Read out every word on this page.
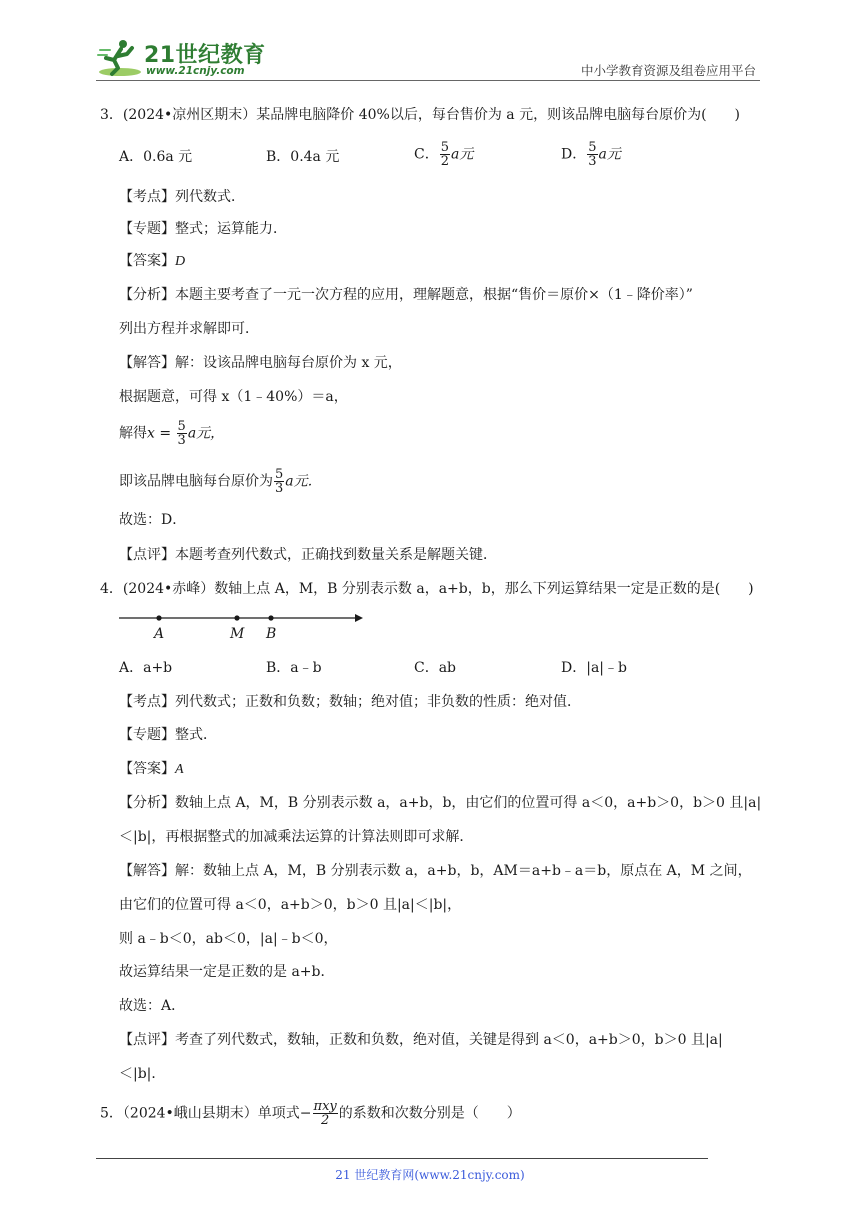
21世纪教育
www.21cnjy.com	中小学教育资源及组卷应用平台
3．(2024•凉州区期末）某品牌电脑降价 40%以后，每台售价为 a 元，则该品牌电脑每台原价为(　　)
A．0.6a 元	B．0.4a 元	C． $\frac{5}{2}$ a元	D． $\frac{5}{3}$ a元
【考点】列代数式．
【专题】整式；运算能力．
【答案】D
【分析】本题主要考查了一元一次方程的应用，理解题意，根据“售价＝原价×（1﹣降价率）”
列出方程并求解即可．
【解答】解：设该品牌电脑每台原价为 x 元，
根据题意，可得 x（1﹣40%）＝a，
解得$x = \frac{5}{3}$ a元，
即该品牌电脑每台原价为 $\frac{5}{3}$ a元．
故选：D．
【点评】本题考查列代数式，正确找到数量关系是解题关键．
4．(2024•赤峰）数轴上点 A，M，B 分别表示数 a，a+b，b，那么下列运算结果一定是正数的是(　　)
A	M B
A．a+b	B．a﹣b	C．ab	D．|a|﹣b
【考点】列代数式；正数和负数；数轴；绝对值；非负数的性质：绝对值．
【专题】整式．
【答案】A
【分析】数轴上点 A，M，B 分别表示数 a，a+b，b，由它们的位置可得 a＜0，a+b＞0，b＞0 且|a|
＜|b|，再根据整式的加减乘法运算的计算法则即可求解．
【解答】解：数轴上点 A，M，B 分别表示数 a，a+b，b，AM＝a+b﹣a＝b，原点在 A，M 之间，
由它们的位置可得 a＜0，a+b＞0，b＞0 且|a|＜|b|，
则 a﹣b＜0，ab＜0，|a|﹣b＜0，
故运算结果一定是正数的是 a+b．
故选：A．
【点评】考查了列代数式，数轴，正数和负数，绝对值，关键是得到 a＜0，a+b＞0，b＞0 且|a|
＜|b|．
5．（2024•峨山县期末）单项式− $\frac{\text{πxy}}{2}$ 的系数和次数分别是（　　）
21 世纪教育网(www.21cnjy.com)
